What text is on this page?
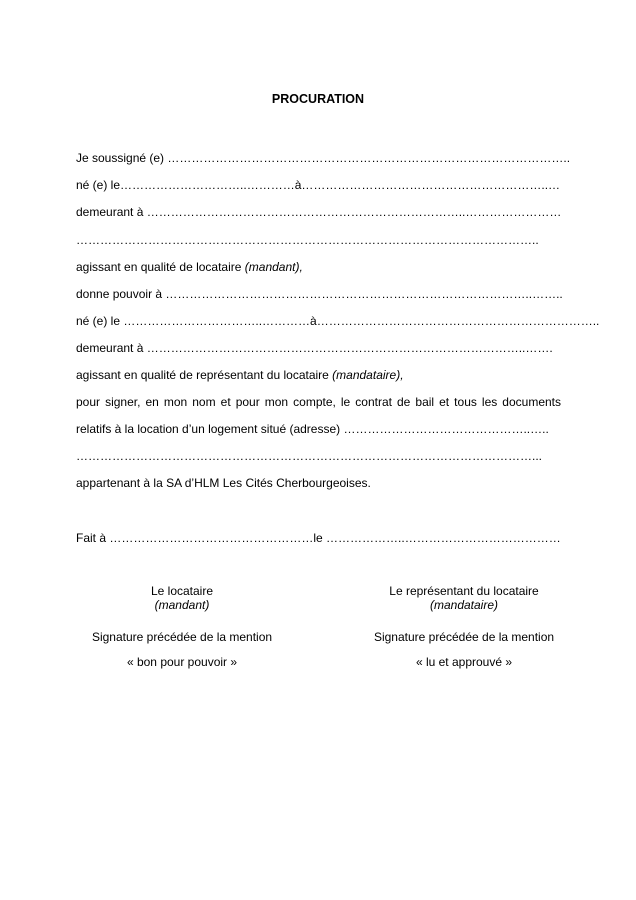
PROCURATION
Je soussigné (e) ………………………………………………………………………………………..
né (e) le…………………………..…………à……………………………………………………..…
demeurant à ……………………………………………………………………..……………………
……………………………………………………………………………………………………..
agissant en qualité de locataire (mandant),
donne pouvoir à ………………………………………………………………………………..……..
né (e) le ……………………………..…………à……………………………………………………………..
demeurant à …………………………………………………………………………………..…….
agissant en qualité de représentant du locataire (mandataire),
pour signer, en mon nom et pour mon compte, le contrat de bail et tous les documents
relatifs à la location d’un logement situé (adresse) ………………………………………..…..
……………………………………………………………………………………………………...
appartenant à la SA d’HLM Les Cités Cherbourgeoises.
Fait à ……………………………………………le ………………..…………………………………
Le locataire
(mandant)
Signature précédée de la mention
« bon pour pouvoir »
Le représentant du locataire
(mandataire)
Signature précédée de la mention
« lu et approuvé »
